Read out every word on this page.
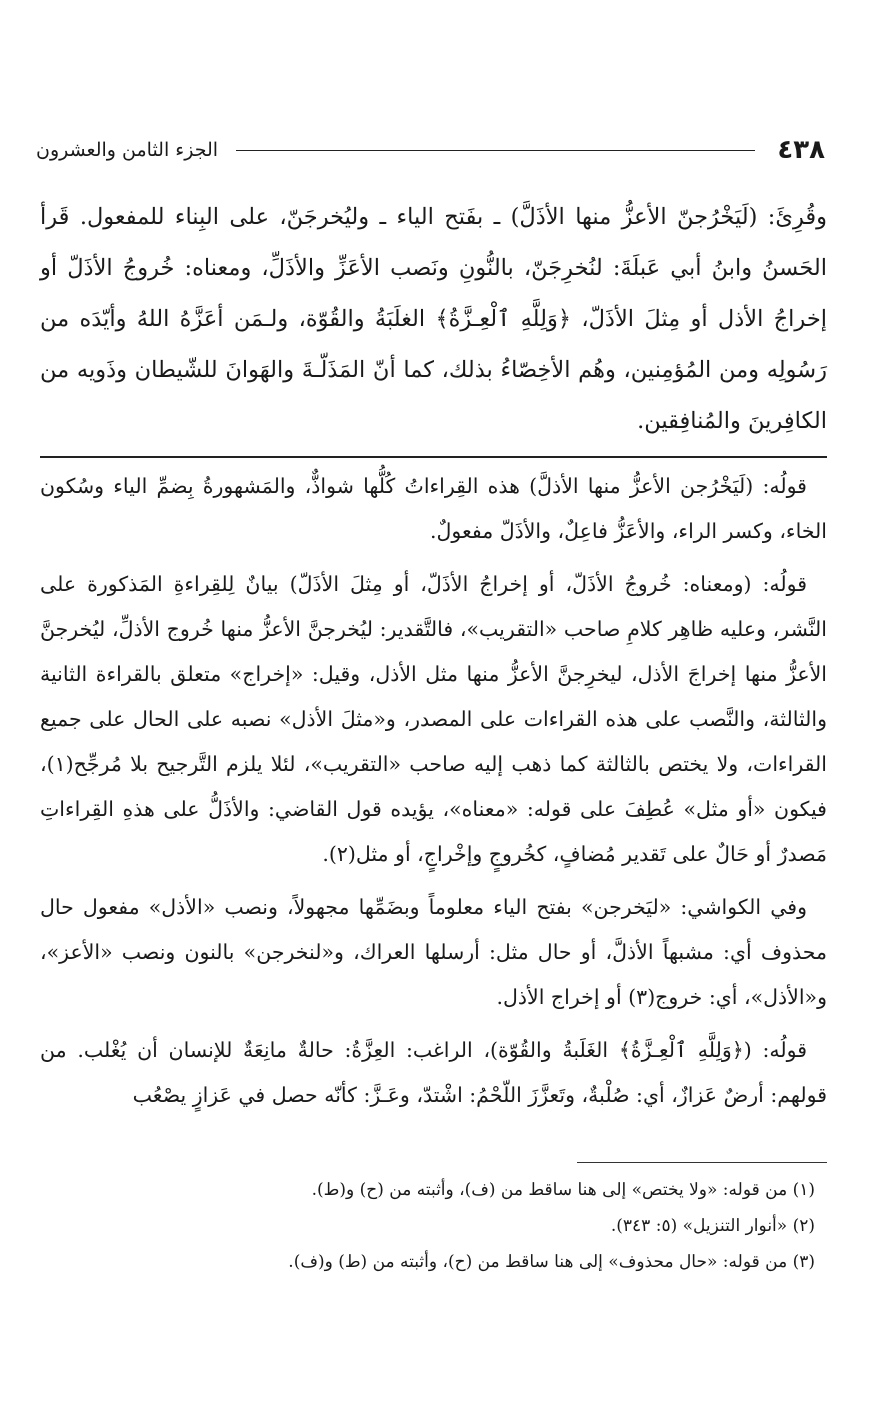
٤٣٨
الجزء الثامن والعشرون

وقُرِئَ: (لَيَخْرُجنّ الأعزُّ منها الأذَلَّ) ـ بفَتح الياء ـ وليُخرجَنّ، على البِناء للمفعول. قَرأ الحَسنُ وابنُ أبي عَبلَةَ: لنُخرِجَنّ، بالنُّونِ ونَصب الأعَزِّ والأذَلِّ، ومعناه: خُروجُ الأذَلّ أو إخراجُ الأذل أو مِثلَ الأذَلّ، ﴿وَلِلَّهِ ٱلْعِـزَّةُ﴾ الغلَبَةُ والقُوّة، ولـمَن أعَزَّهُ اللهُ وأيّدَه من رَسُولِه ومن المُؤمِنين، وهُم الأخِصّاءُ بذلك، كما أنّ المَذَلّـةَ والهَوانَ للشّيطان وذَويه من الكافِرينَ والمُنافِقين.

قولُه: (لَيَخْرُجن الأعزُّ منها الأذلَّ) هذه القِراءاتُ كُلُّها شواذٌّ، والمَشهورةُ بِضمِّ الياء وسُكون الخاء، وكسر الراء، والأعَزُّ فاعِلٌ، والأذَلّ مفعولٌ.

قولُه: (ومعناه: خُروجُ الأذَلّ، أو إخراجُ الأذَلّ، أو مِثلَ الأذَلّ) بيانٌ لِلقِراءةِ المَذكورة على النَّشر، وعليه ظاهِر كلامِ صاحب «التقريب»، فالتَّقدير: ليُخرجنَّ الأعزُّ منها خُروج الأذلِّ، ليُخرجنَّ الأعزُّ منها إخراجَ الأذل، ليخرِجنَّ الأعزُّ منها مثل الأذل، وقيل: «إخراج» متعلق بالقراءة الثانية والثالثة، والنَّصب على هذه القراءات على المصدر، و«مثلَ الأذل» نصبه على الحال على جميع القراءات، ولا يختص بالثالثة كما ذهب إليه صاحب «التقريب»، لئلا يلزم التَّرجيح بلا مُرجِّح(١)، فيكون «أو مثل» عُطِفَ على قوله: «معناه»، يؤيده قول القاضي: والأذَلُّ على هذهِ القِراءاتِ مَصدرٌ أو حَالٌ على تَقدير مُضافٍ، كخُروجٍ وإخْراجٍ، أو مثل(٢).

وفي الكواشي: «ليَخرجن» بفتح الياء معلوماً وبضَمِّها مجهولاً، ونصب «الأذل» مفعول حال محذوف أي: مشبهاً الأذلَّ، أو حال مثل: أرسلها العراك، و«لنخرجن» بالنون ونصب «الأعز»، و«الأذل»، أي: خروج(٣) أو إخراج الأذل.

قولُه: (﴿وَلِلَّهِ ٱلْعِـزَّةُ﴾ الغَلَبةُ والقُوّة)، الراغب: العِزَّةُ: حالةٌ مانِعَةٌ للإنسان أن يُغْلب. من قولهم: أرضٌ عَزازٌ، أي: صُلْبةٌ، وتَعزَّزَ اللّحْمُ: اشْتدّ، وعَـزَّ: كأنّه حصل في عَزازٍ يصْعُب

(١) من قوله: «ولا يختص» إلى هنا ساقط من (ف)، وأثبته من (ح) و(ط).
(٢) «أنوار التنزيل» (٥: ٣٤٣).
(٣) من قوله: «حال محذوف» إلى هنا ساقط من (ح)، وأثبته من (ط) و(ف).
